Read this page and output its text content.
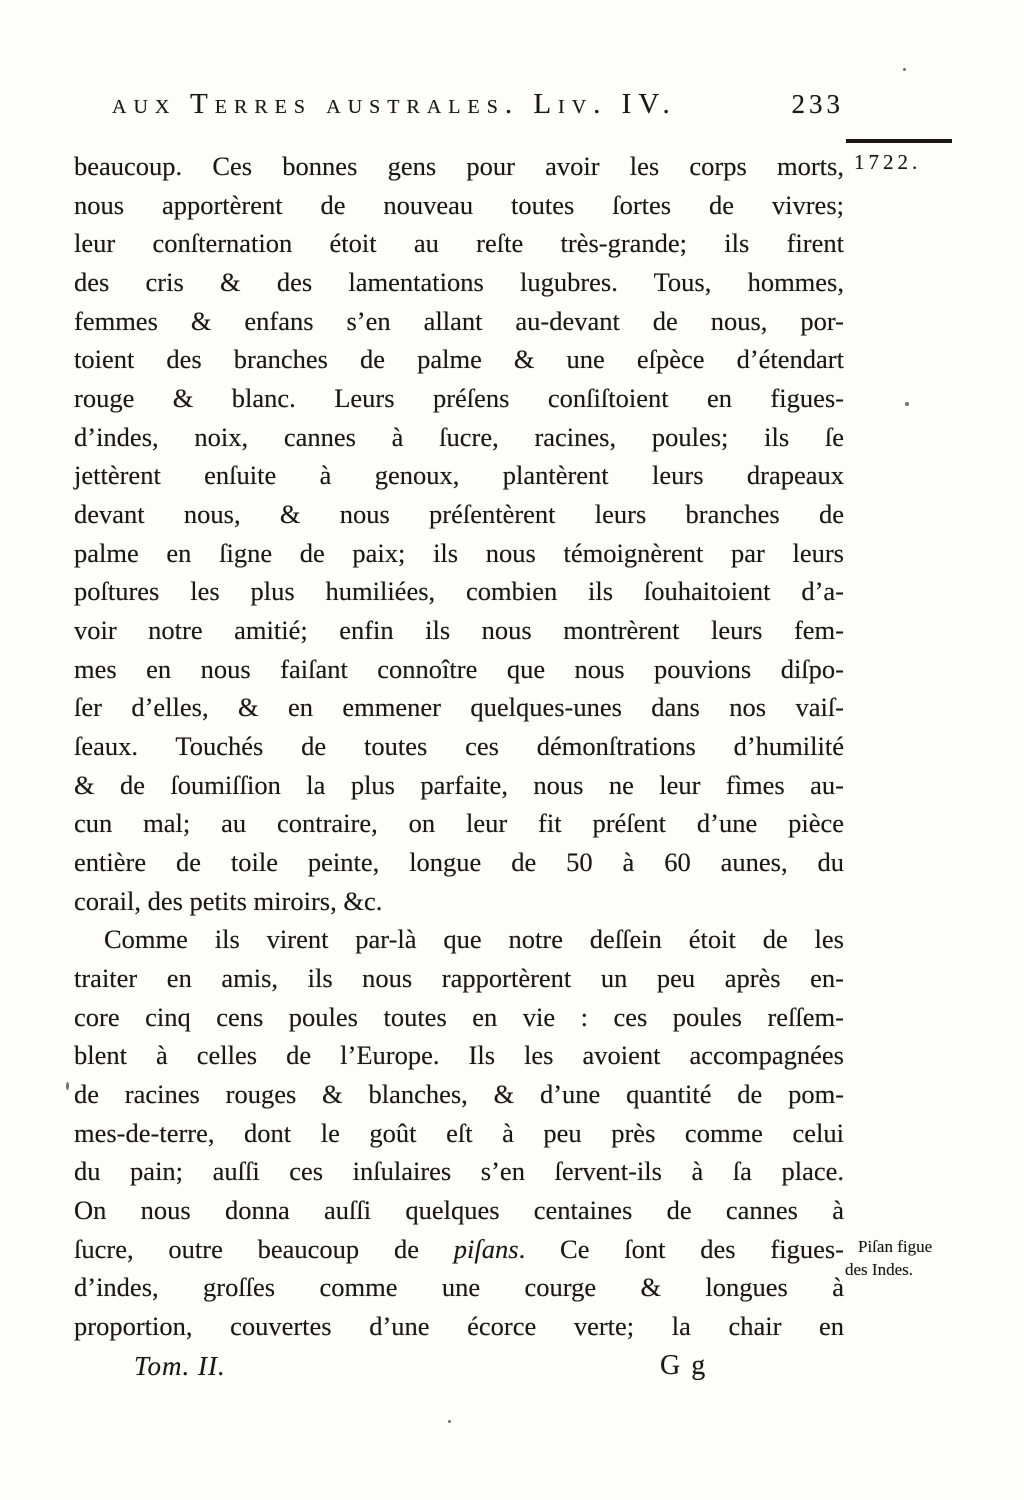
aux Terres australes. Liv. IV.	233
1722.
beaucoup. Ces bonnes gens pour avoir les corps morts,
nous apportèrent de nouveau toutes ſortes de vivres;
leur conſternation étoit au reſte très-grande; ils firent
des cris & des lamentations lugubres. Tous, hommes,
femmes & enfans s’en allant au-devant de nous, por-
toient des branches de palme & une eſpèce d’étendart
rouge & blanc. Leurs préſens conſiſtoient en figues-
d’indes, noix, cannes à ſucre, racines, poules; ils ſe
jettèrent enſuite à genoux, plantèrent leurs drapeaux
devant nous, & nous préſentèrent leurs branches de
palme en ſigne de paix; ils nous témoignèrent par leurs
poſtures les plus humiliées, combien ils ſouhaitoient d’a-
voir notre amitié; enfin ils nous montrèrent leurs fem-
mes en nous faiſant connoître que nous pouvions diſpo-
ſer d’elles, & en emmener quelques-unes dans nos vaiſ-
ſeaux. Touchés de toutes ces démonſtrations d’humilité
& de ſoumiſſion la plus parfaite, nous ne leur fìmes au-
cun mal; au contraire, on leur fit préſent d’une pièce
entière de toile peinte, longue de 50 à 60 aunes, du
corail, des petits miroirs, &c.
Comme ils virent par-là que notre deſſein étoit de les
traiter en amis, ils nous rapportèrent un peu après en-
core cinq cens poules toutes en vie : ces poules reſſem-
blent à celles de l’Europe. Ils les avoient accompagnées
de racines rouges & blanches, & d’une quantité de pom-
mes-de-terre, dont le goût eſt à peu près comme celui
du pain; auſſi ces inſulaires s’en ſervent-ils à ſa place.
On nous donna auſſi quelques centaines de cannes à
ſucre, outre beaucoup de piſans. Ce ſont des figues-
d’indes, groſſes comme une courge & longues à
proportion, couvertes d’une écorce verte; la chair en
Piſan figue
des Indes.
Tom. II.	G g
